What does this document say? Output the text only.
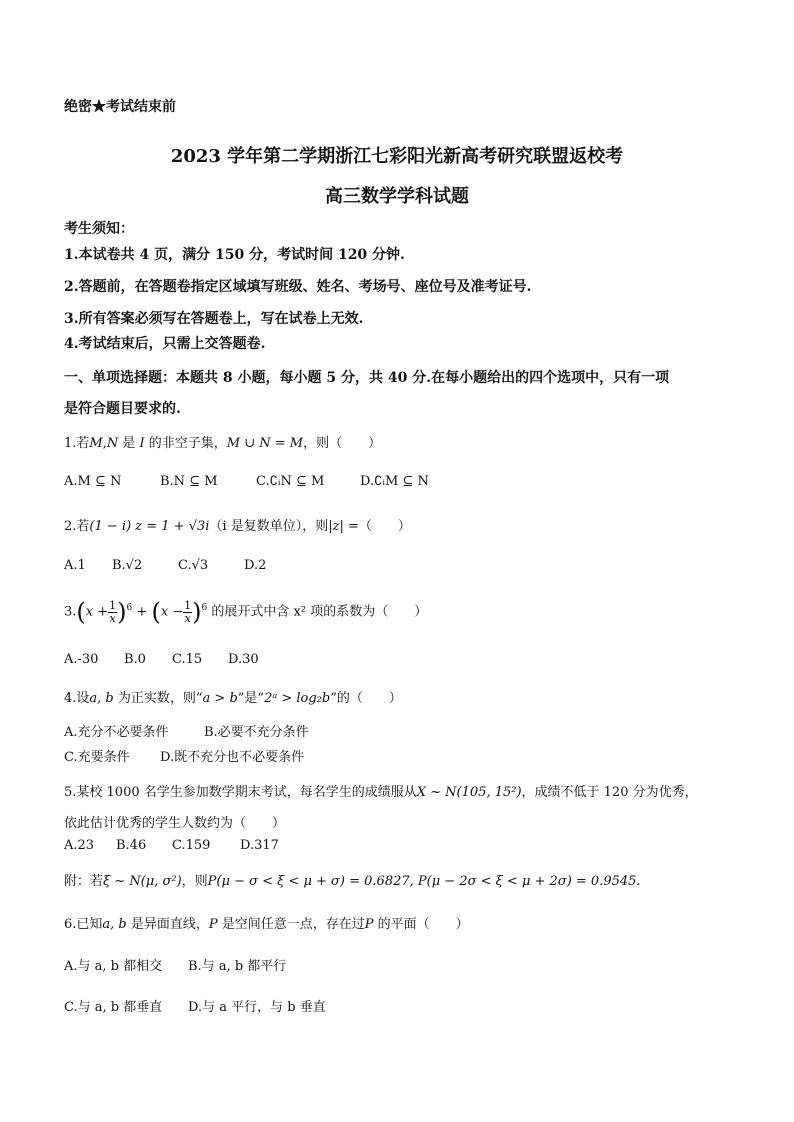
绝密★考试结束前
2023 学年第二学期浙江七彩阳光新高考研究联盟返校考
高三数学学科试题
考生须知：
1.本试卷共 4 页，满分 150 分，考试时间 120 分钟.
2.答题前，在答题卷指定区域填写班级、姓名、考场号、座位号及准考证号.
3.所有答案必须写在答题卷上，写在试卷上无效.
4.考试结束后，只需上交答题卷.
一、单项选择题：本题共 8 小题，每小题 5 分，共 40 分.在每小题给出的四个选项中，只有一项
是符合题目要求的.
1.若M,N 是 I 的非空子集，M ∪ N = M，则（　　）
A.M ⊆ N	B.N ⊆ M	C.∁ᵢN ⊆ M	D.∁ᵢM ⊆ N
2.若(1 − i) z = 1 + √3i（i 是复数单位），则|z| =（　　）
A.1 B.√2	C.√3	D.2
$3.(x + \frac{1}{x} )^6 + (x - \frac{1}{x} )^6$ 的展开式中含 x² 项的系数为（　　）
A.-30 B.0 C.15 D.30
4.设a, b 为正实数，则“a > b”是“2ᵃ > log₂b”的（　　）
A.充分不必要条件	B.必要不充分条件
C.充要条件 D.既不充分也不必要条件
5.某校 1000 名学生参加数学期末考试，每名学生的成绩服从X ~ N(105, 15²)，成绩不低于 120 分为优秀，
依此估计优秀的学生人数约为（　　）
A.23 B.46 C.159 D.317
附：若ξ ~ N(μ, σ²)，则P(μ − σ < ξ < μ + σ) = 0.6827, P(μ − 2σ < ξ < μ + 2σ) = 0.9545.
6.已知a, b 是异面直线，P 是空间任意一点，存在过P 的平面（　　）
A.与 a, b 都相交 B.与 a, b 都平行
C.与 a, b 都垂直 D.与 a 平行，与 b 垂直
